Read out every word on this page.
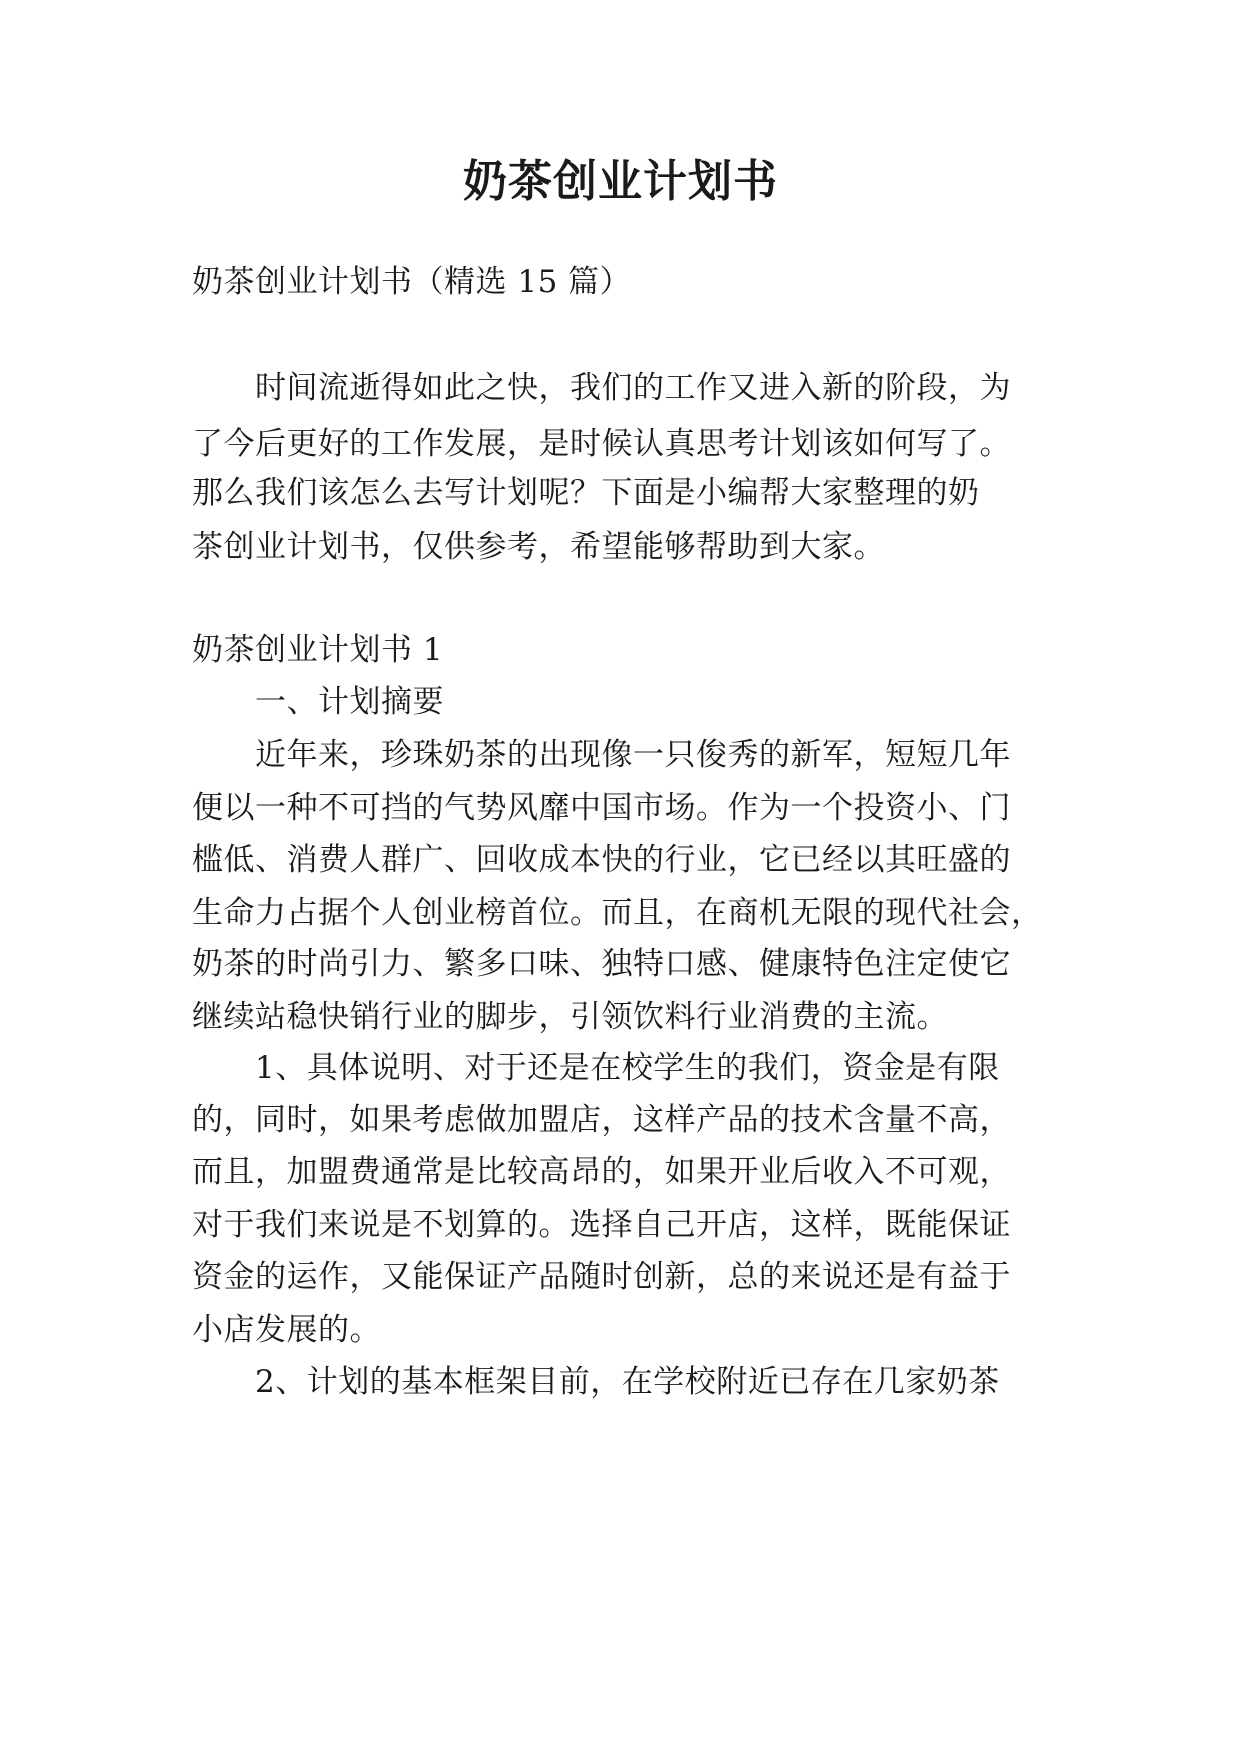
奶茶创业计划书
奶茶创业计划书（精选 15 篇）
时间流逝得如此之快，我们的工作又进入新的阶段，为
了今后更好的工作发展，是时候认真思考计划该如何写了。
那么我们该怎么去写计划呢？下面是小编帮大家整理的奶
茶创业计划书，仅供参考，希望能够帮助到大家。
奶茶创业计划书 1
一、计划摘要
近年来，珍珠奶茶的出现像一只俊秀的新军，短短几年
便以一种不可挡的气势风靡中国市场。作为一个投资小、门
槛低、消费人群广、回收成本快的行业，它已经以其旺盛的
生命力占据个人创业榜首位。而且，在商机无限的现代社会，
奶茶的时尚引力、繁多口味、独特口感、健康特色注定使它
继续站稳快销行业的脚步，引领饮料行业消费的主流。
1、具体说明、对于还是在校学生的我们，资金是有限
的，同时，如果考虑做加盟店，这样产品的技术含量不高，
而且，加盟费通常是比较高昂的，如果开业后收入不可观，
对于我们来说是不划算的。选择自己开店，这样，既能保证
资金的运作，又能保证产品随时创新，总的来说还是有益于
小店发展的。
2、计划的基本框架目前，在学校附近已存在几家奶茶
